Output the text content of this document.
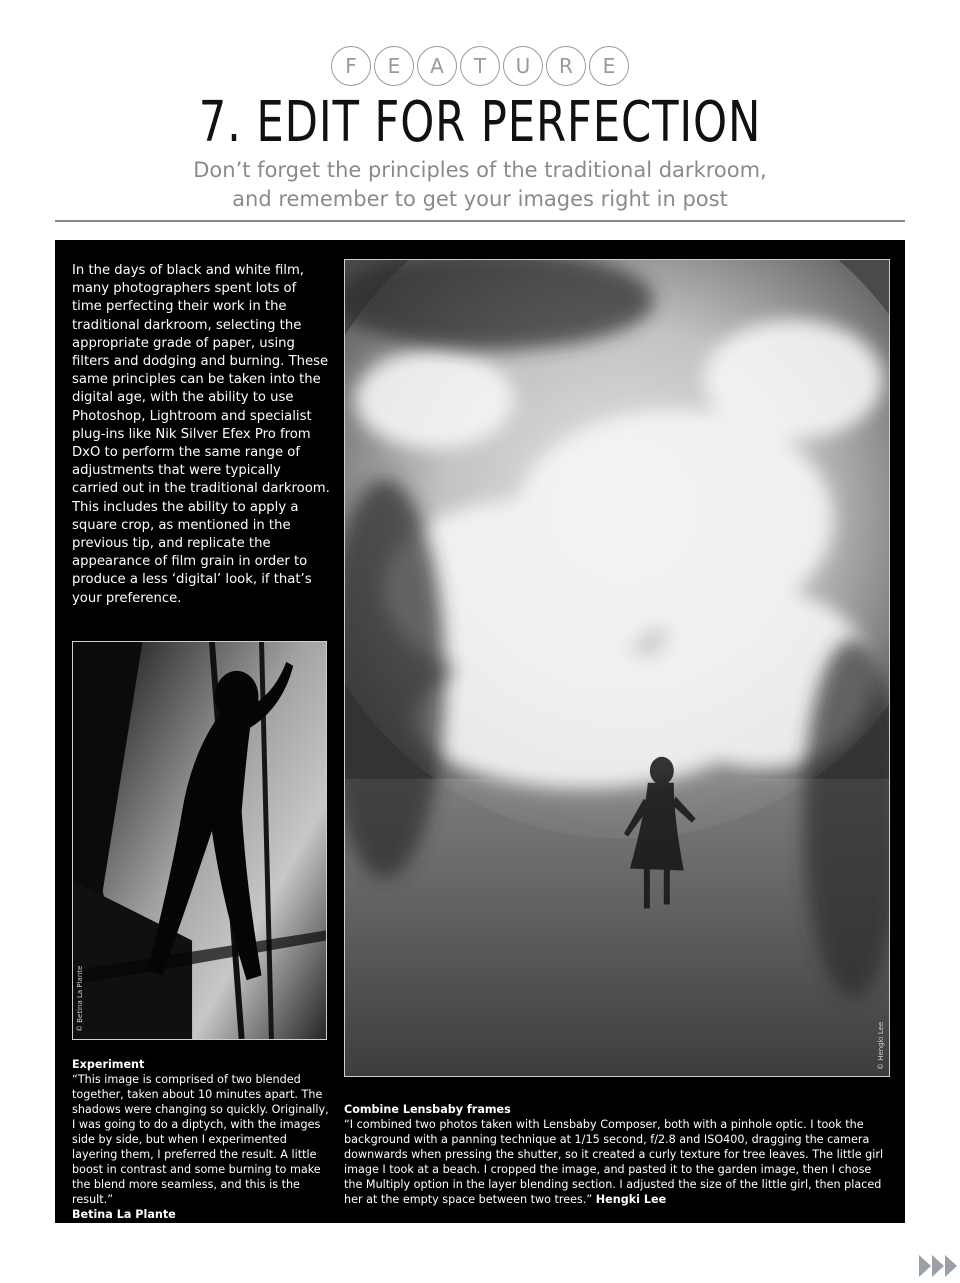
F	E	A	T	U	R	E
7. EDIT FOR PERFECTION

Don’t forget the principles of the traditional darkroom,
and remember to get your images right in post

In the days of black and white film, many photographers spent lots of time perfecting their work in the traditional darkroom, selecting the appropriate grade of paper, using filters and dodging and burning. These same principles can be taken into the digital age, with the ability to use Photoshop, Lightroom and specialist plug-ins like Nik Silver Efex Pro from DxO to perform the same range of adjustments that were typically carried out in the traditional darkroom. This includes the ability to apply a square crop, as mentioned in the previous tip, and replicate the appearance of film grain in order to produce a less ‘digital’ look, if that’s your preference.

© Betina La Plante
© Hengki Lee
Experiment
“This image is comprised of two blended together, taken about 10 minutes apart. The shadows were changing so quickly. Originally, I was going to do a diptych, with the images side by side, but when I experimented layering them, I preferred the result. A little boost in contrast and some burning to make the blend more seamless, and this is the result.”
Betina La Plante
Combine Lensbaby frames
“I combined two photos taken with Lensbaby Composer, both with a pinhole optic. I took the background with a panning technique at 1/15 second, f/2.8 and ISO400, dragging the camera downwards when pressing the shutter, so it created a curly texture for tree leaves. The little girl image I took at a beach. I cropped the image, and pasted it to the garden image, then I chose the Multiply option in the layer blending section. I adjusted the size of the little girl, then placed her at the empty space between two trees.” Hengki Lee
